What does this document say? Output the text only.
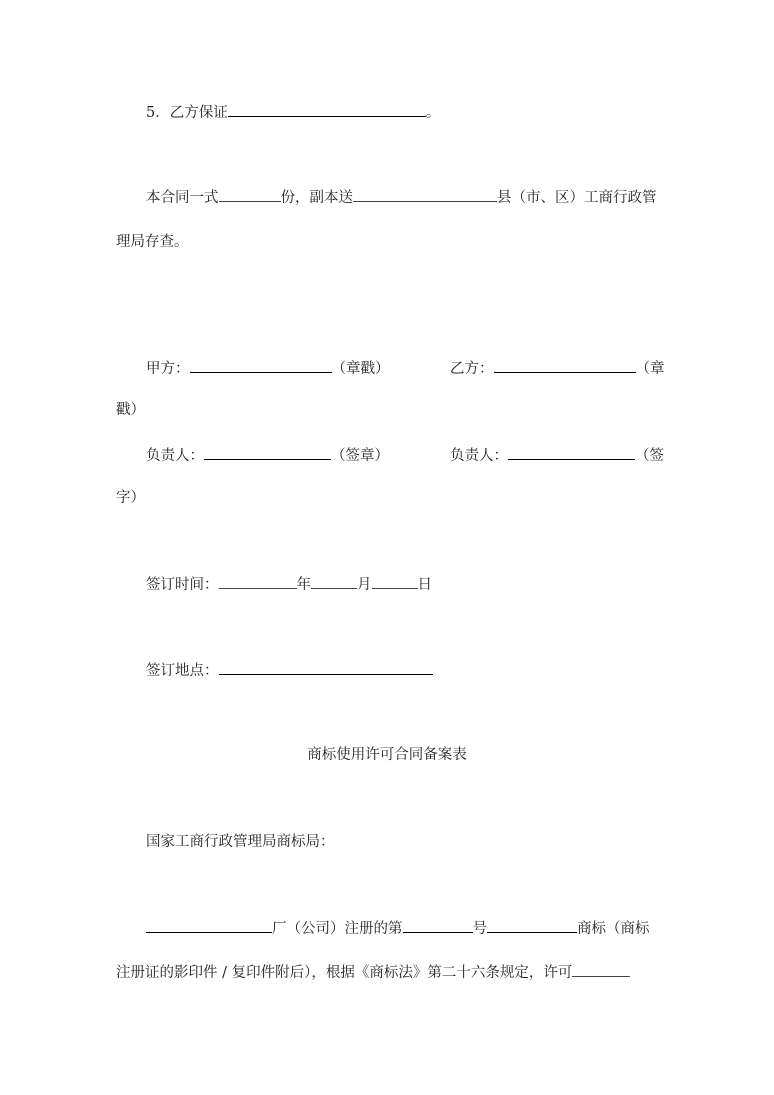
5．乙方保证	。
本合同一式	份，副本送	县（市、区）工商行政管
理局存查。
甲方：	（章戳）	乙方：	（章
戳）
负责人：	（签章）	负责人：	（签
字）
签订时间：	年	月	日
签订地点：
商标使用许可合同备案表
国家工商行政管理局商标局：
厂（公司）注册的第	号	商标（商标
注册证的影印件 / 复印件附后），根据《商标法》第二十六条规定，许可
